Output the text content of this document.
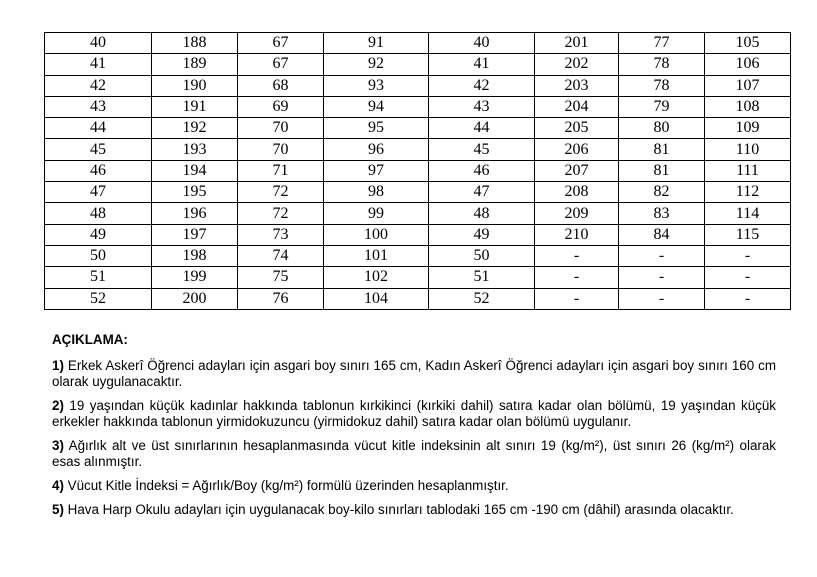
40	188	67	91	40	201	77	105
41	189	67	92	41	202	78	106
42	190	68	93	42	203	78	107
43	191	69	94	43	204	79	108
44	192	70	95	44	205	80	109
45	193	70	96	45	206	81	110
46	194	71	97	46	207	81	111
47	195	72	98	47	208	82	112
48	196	72	99	48	209	83	114
49	197	73	100	49	210	84	115
50	198	74	101	50	-	-	-
51	199	75	102	51	-	-	-
52	200	76	104	52	-	-	-
AÇIKLAMA:
1) Erkek Askerî Öğrenci adayları için asgari boy sınırı 165 cm, Kadın Askerî Öğrenci adayları için asgari boy sınırı 160 cm olarak uygulanacaktır.
2) 19 yaşından küçük kadınlar hakkında tablonun kırkikinci (kırkiki dahil) satıra kadar olan bölümü, 19 yaşından küçük erkekler hakkında tablonun yirmidokuzuncu (yirmidokuz dahil) satıra kadar olan bölümü uygulanır.
3) Ağırlık alt ve üst sınırlarının hesaplanmasında vücut kitle indeksinin alt sınırı 19 (kg/m²), üst sınırı 26 (kg/m²) olarak esas alınmıştır.
4) Vücut Kitle İndeksi = Ağırlık/Boy (kg/m²) formülü üzerinden hesaplanmıştır.
5) Hava Harp Okulu adayları için uygulanacak boy-kilo sınırları tablodaki 165 cm -190 cm (dâhil) arasında olacaktır.
